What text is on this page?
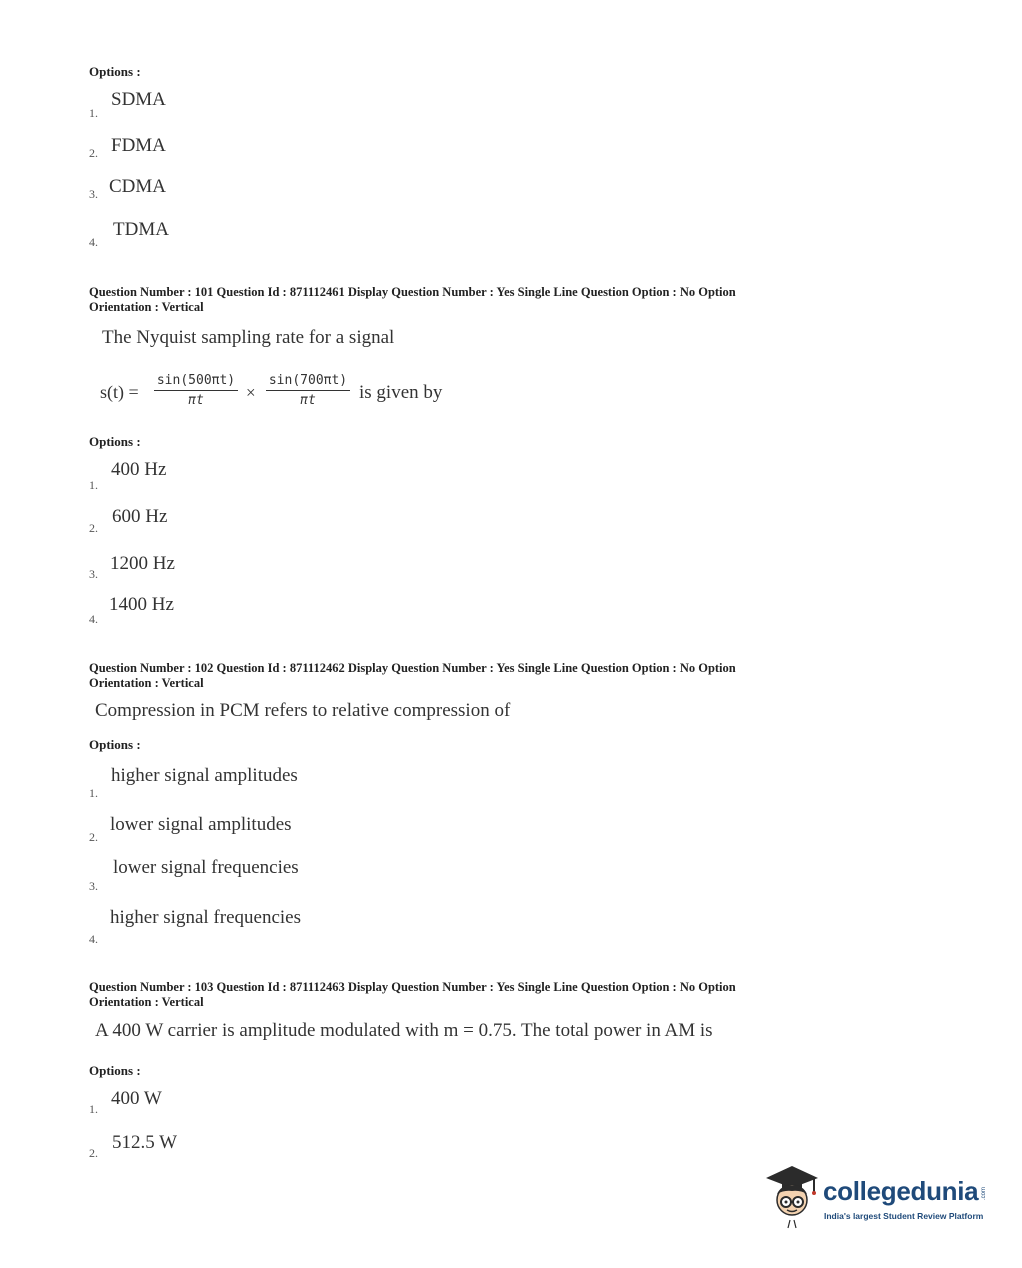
Options :
SDMA
1.
FDMA
2.
CDMA
3.
TDMA
4.
Question Number : 101 Question Id : 871112461 Display Question Number : Yes Single Line Question Option : No Option
Orientation : Vertical
The Nyquist sampling rate for a signal
$s(t) = \frac{\sin(500\pi t)}{\pi t} \times \frac{\sin(700\pi t)}{\pi t}$ is given by
Options :
400 Hz
1.
600 Hz
2.
1200 Hz
3.
1400 Hz
4.
Question Number : 102 Question Id : 871112462 Display Question Number : Yes Single Line Question Option : No Option
Orientation : Vertical
Compression in PCM refers to relative compression of
Options :
higher signal amplitudes
1.
lower signal amplitudes
2.
lower signal frequencies
3.
higher signal frequencies
4.
Question Number : 103 Question Id : 871112463 Display Question Number : Yes Single Line Question Option : No Option
Orientation : Vertical
A 400 W carrier is amplitude modulated with m = 0.75. The total power in AM is
Options :
400 W
1.
512.5 W
2.
collegedunia .com
India's largest Student Review Platform
